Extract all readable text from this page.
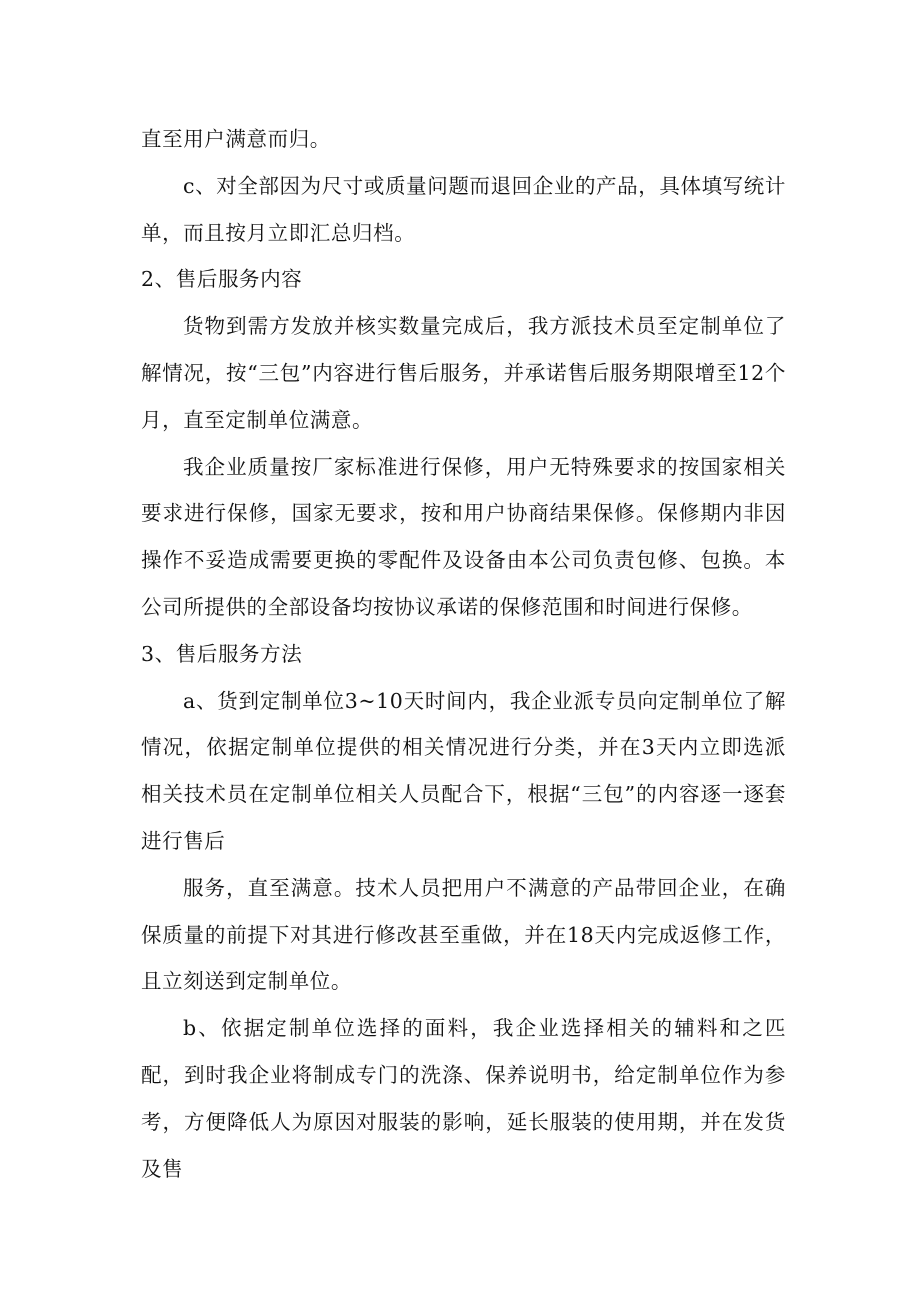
直至用户满意而归。

c、对全部因为尺寸或质量问题而退回企业的产品，具体填写统计单，而且按月立即汇总归档。

2、售后服务内容

货物到需方发放并核实数量完成后，我方派技术员至定制单位了解情况，按“三包”内容进行售后服务，并承诺售后服务期限增至12个月，直至定制单位满意。

我企业质量按厂家标准进行保修，用户无特殊要求的按国家相关要求进行保修，国家无要求，按和用户协商结果保修。保修期内非因操作不妥造成需要更换的零配件及设备由本公司负责包修、包换。本公司所提供的全部设备均按协议承诺的保修范围和时间进行保修。

3、售后服务方法

a、货到定制单位3~10天时间内，我企业派专员向定制单位了解情况，依据定制单位提供的相关情况进行分类，并在3天内立即选派相关技术员在定制单位相关人员配合下，根据“三包”的内容逐一逐套进行售后

服务，直至满意。技术人员把用户不满意的产品带回企业，在确保质量的前提下对其进行修改甚至重做，并在18天内完成返修工作，且立刻送到定制单位。

b、依据定制单位选择的面料，我企业选择相关的辅料和之匹配，到时我企业将制成专门的洗涤、保养说明书，给定制单位作为参考，方便降低人为原因对服装的影响，延长服装的使用期，并在发货及售
